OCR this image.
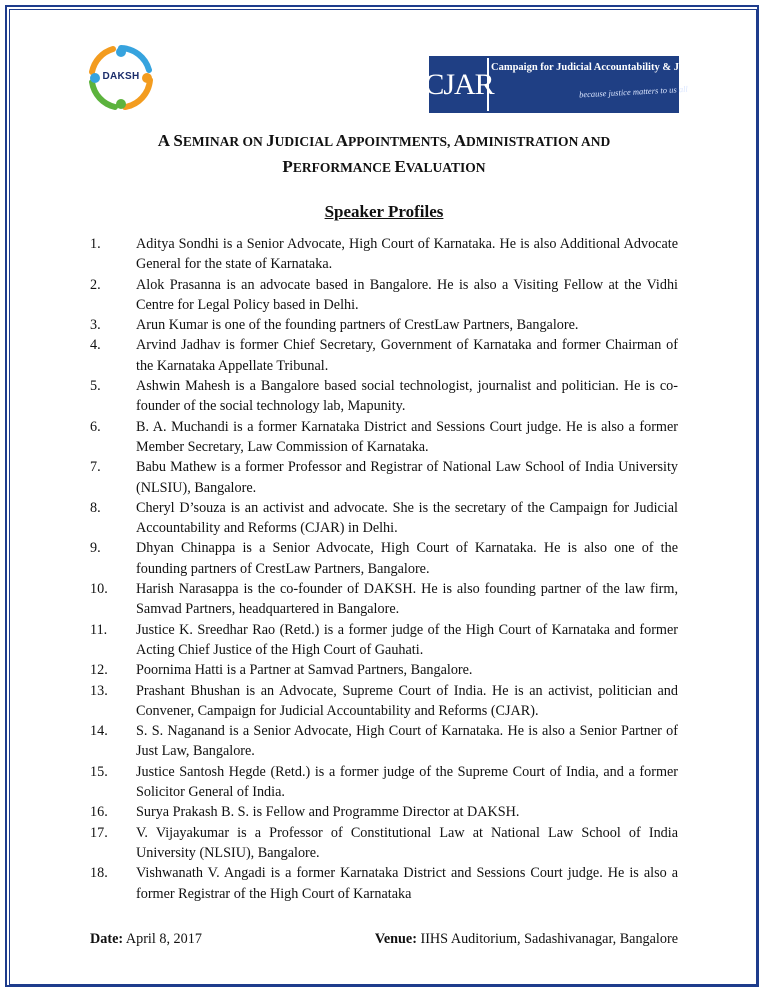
DAKSH	CJAR
Campaign for Judicial Accountability & Judicial Reforms
because justice matters to us all
A SEMINAR ON JUDICIAL APPOINTMENTS, ADMINISTRATION AND
PERFORMANCE EVALUATION
Speaker Profiles
1. Aditya Sondhi is a Senior Advocate, High Court of Karnataka. He is also Additional Advocate General for the state of Karnataka.
2. Alok Prasanna is an advocate based in Bangalore. He is also a Visiting Fellow at the Vidhi Centre for Legal Policy based in Delhi.
3. Arun Kumar is one of the founding partners of CrestLaw Partners, Bangalore.
4. Arvind Jadhav is former Chief Secretary, Government of Karnataka and former Chairman of the Karnataka Appellate Tribunal.
5. Ashwin Mahesh is a Bangalore based social technologist, journalist and politician. He is co-founder of the social technology lab, Mapunity.
6. B. A. Muchandi is a former Karnataka District and Sessions Court judge. He is also a former Member Secretary, Law Commission of Karnataka.
7. Babu Mathew is a former Professor and Registrar of National Law School of India University (NLSIU), Bangalore.
8. Cheryl D’souza is an activist and advocate. She is the secretary of the Campaign for Judicial Accountability and Reforms (CJAR) in Delhi.
9. Dhyan Chinappa is a Senior Advocate, High Court of Karnataka. He is also one of the founding partners of CrestLaw Partners, Bangalore.
10. Harish Narasappa is the co-founder of DAKSH. He is also founding partner of the law firm, Samvad Partners, headquartered in Bangalore.
11. Justice K. Sreedhar Rao (Retd.) is a former judge of the High Court of Karnataka and former Acting Chief Justice of the High Court of Gauhati.
12. Poornima Hatti is a Partner at Samvad Partners, Bangalore.
13. Prashant Bhushan is an Advocate, Supreme Court of India. He is an activist, politician and Convener, Campaign for Judicial Accountability and Reforms (CJAR).
14. S. S. Naganand is a Senior Advocate, High Court of Karnataka. He is also a Senior Partner of Just Law, Bangalore.
15. Justice Santosh Hegde (Retd.) is a former judge of the Supreme Court of India, and a former Solicitor General of India.
16. Surya Prakash B. S. is Fellow and Programme Director at DAKSH.
17. V. Vijayakumar is a Professor of Constitutional Law at National Law School of India University (NLSIU), Bangalore.
18. Vishwanath V. Angadi is a former Karnataka District and Sessions Court judge. He is also a former Registrar of the High Court of Karnataka
Date: April 8, 2017	Venue: IIHS Auditorium, Sadashivanagar, Bangalore
